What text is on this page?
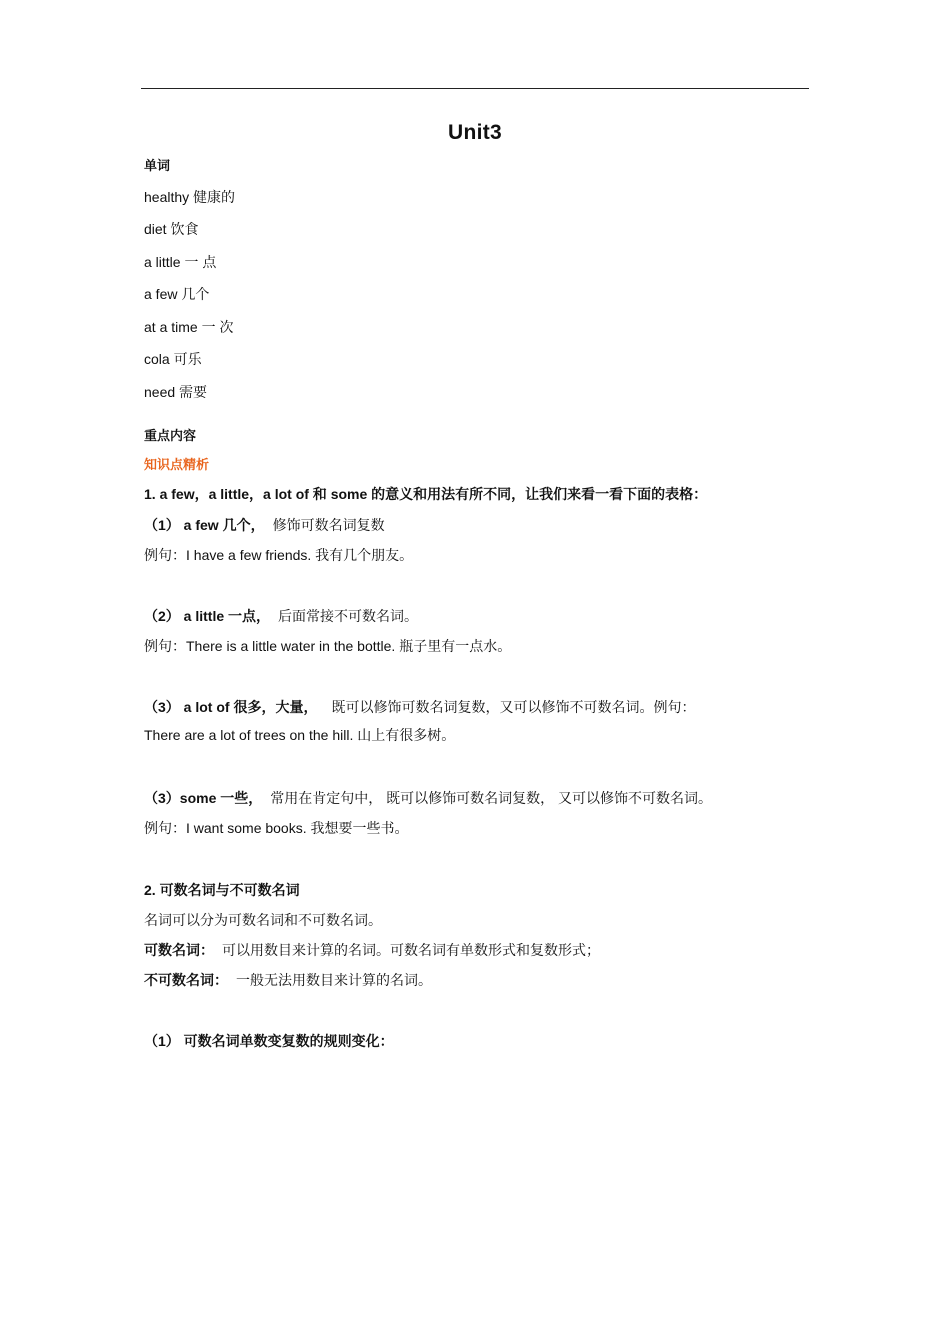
Unit3
单词
healthy 健康的
diet 饮食
a little 一 点
a few 几个
at a time 一 次
cola 可乐
need 需要
重点内容
知识点精析
1. a few，a little，a lot of 和 some 的意义和用法有所不同，让我们来看一看下面的表格：
（1） a few 几个， 修饰可数名词复数
例句：I have a few friends. 我有几个朋友。
（2） a little 一点， 后面常接不可数名词。
例句：There is a little water in the bottle. 瓶子里有一点水。
（3） a lot of 很多，大量， 既可以修饰可数名词复数，又可以修饰不可数名词。例句：
There are a lot of trees on the hill. 山上有很多树。
（3）some 一些， 常用在肯定句中， 既可以修饰可数名词复数， 又可以修饰不可数名词。
例句：I want some books. 我想要一些书。
2. 可数名词与不可数名词
名词可以分为可数名词和不可数名词。
可数名词： 可以用数目来计算的名词。可数名词有单数形式和复数形式；
不可数名词： 一般无法用数目来计算的名词。
（1） 可数名词单数变复数的规则变化：
